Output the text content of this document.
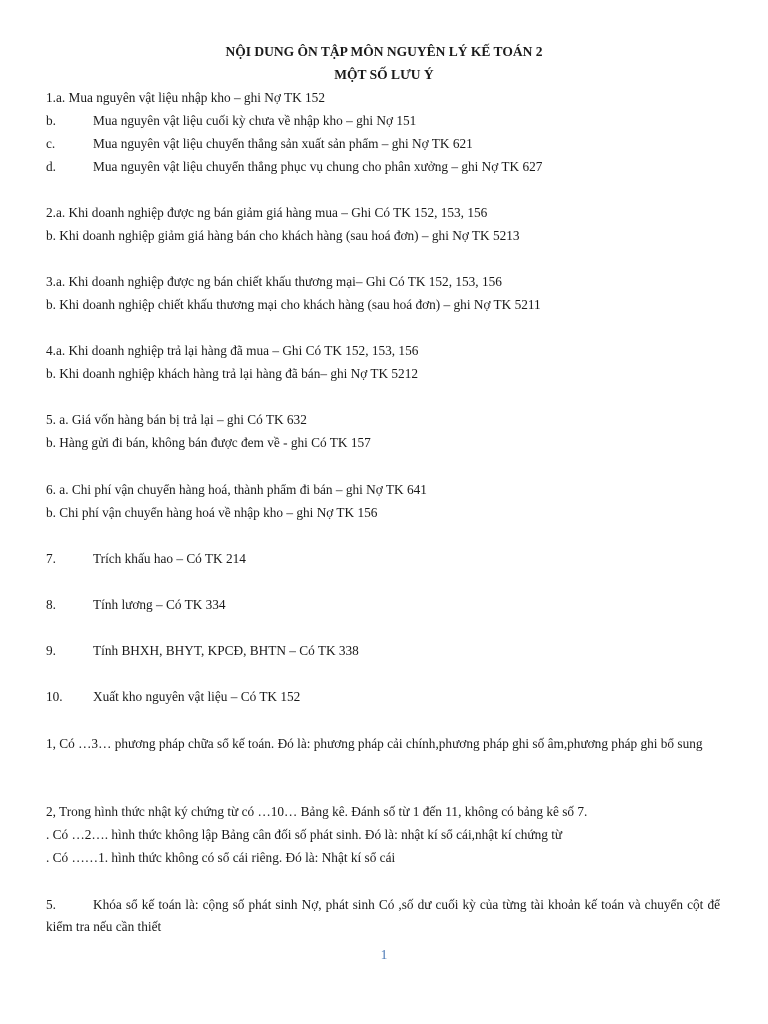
NỘI DUNG ÔN TẬP MÔN NGUYÊN LÝ KẾ TOÁN 2
MỘT SỐ LƯU Ý
1.a. Mua nguyên vật liệu nhập kho – ghi Nợ TK 152
b.	Mua nguyên vật liệu cuối kỳ chưa về nhập kho – ghi Nợ 151
c.	Mua nguyên vật liệu chuyển thẳng sản xuất sản phẩm – ghi Nợ TK 621
d.	Mua nguyên vật liệu chuyển thẳng phục vụ chung cho phân xưởng – ghi Nợ TK 627
2.a. Khi doanh nghiệp được ng bán giảm giá hàng mua – Ghi Có TK 152, 153, 156
b. Khi doanh nghiệp giảm giá hàng bán cho khách hàng (sau hoá đơn) – ghi Nợ TK 5213
3.a. Khi doanh nghiệp được ng bán chiết khấu thương mại– Ghi Có TK 152, 153, 156
b. Khi doanh nghiệp chiết khấu thương mại cho khách hàng (sau hoá đơn) – ghi Nợ TK 5211
4.a. Khi doanh nghiệp trả lại hàng đã mua – Ghi Có TK 152, 153, 156
b. Khi doanh nghiệp khách hàng trả lại hàng đã bán– ghi Nợ TK 5212
5. a. Giá vốn hàng bán bị trả lại – ghi Có TK 632
b. Hàng gửi đi bán, không bán được đem về - ghi Có TK 157
6. a. Chi phí vận chuyển hàng hoá, thành phẩm đi bán – ghi Nợ TK 641
b. Chi phí vận chuyển hàng hoá về nhập kho – ghi Nợ TK 156
7.	Trích khấu hao – Có TK 214
8.	Tính lương – Có TK 334
9.	Tính BHXH, BHYT, KPCĐ, BHTN – Có TK 338
10. Xuất kho nguyên vật liệu – Có TK 152
1, Có …3… phương pháp chữa sổ kế toán. Đó là: phương pháp cải chính,phương pháp ghi số âm,phương pháp ghi bổ sung
2, Trong hình thức nhật ký chứng từ có …10… Bảng kê. Đánh số từ 1 đến 11, không có bảng kê số 7.
. Có …2…. hình thức không lập Bảng cân đối số phát sinh. Đó là: nhật kí sổ cái,nhật kí chứng từ
. Có ……1. hình thức không có sổ cái riêng. Đó là: Nhật kí sổ cái
5.	Khóa sổ kế toán là: cộng số phát sinh Nợ, phát sinh Có ,số dư cuối kỳ của từng tài khoản kế toán và chuyển cột để kiểm tra nếu cần thiết
1
